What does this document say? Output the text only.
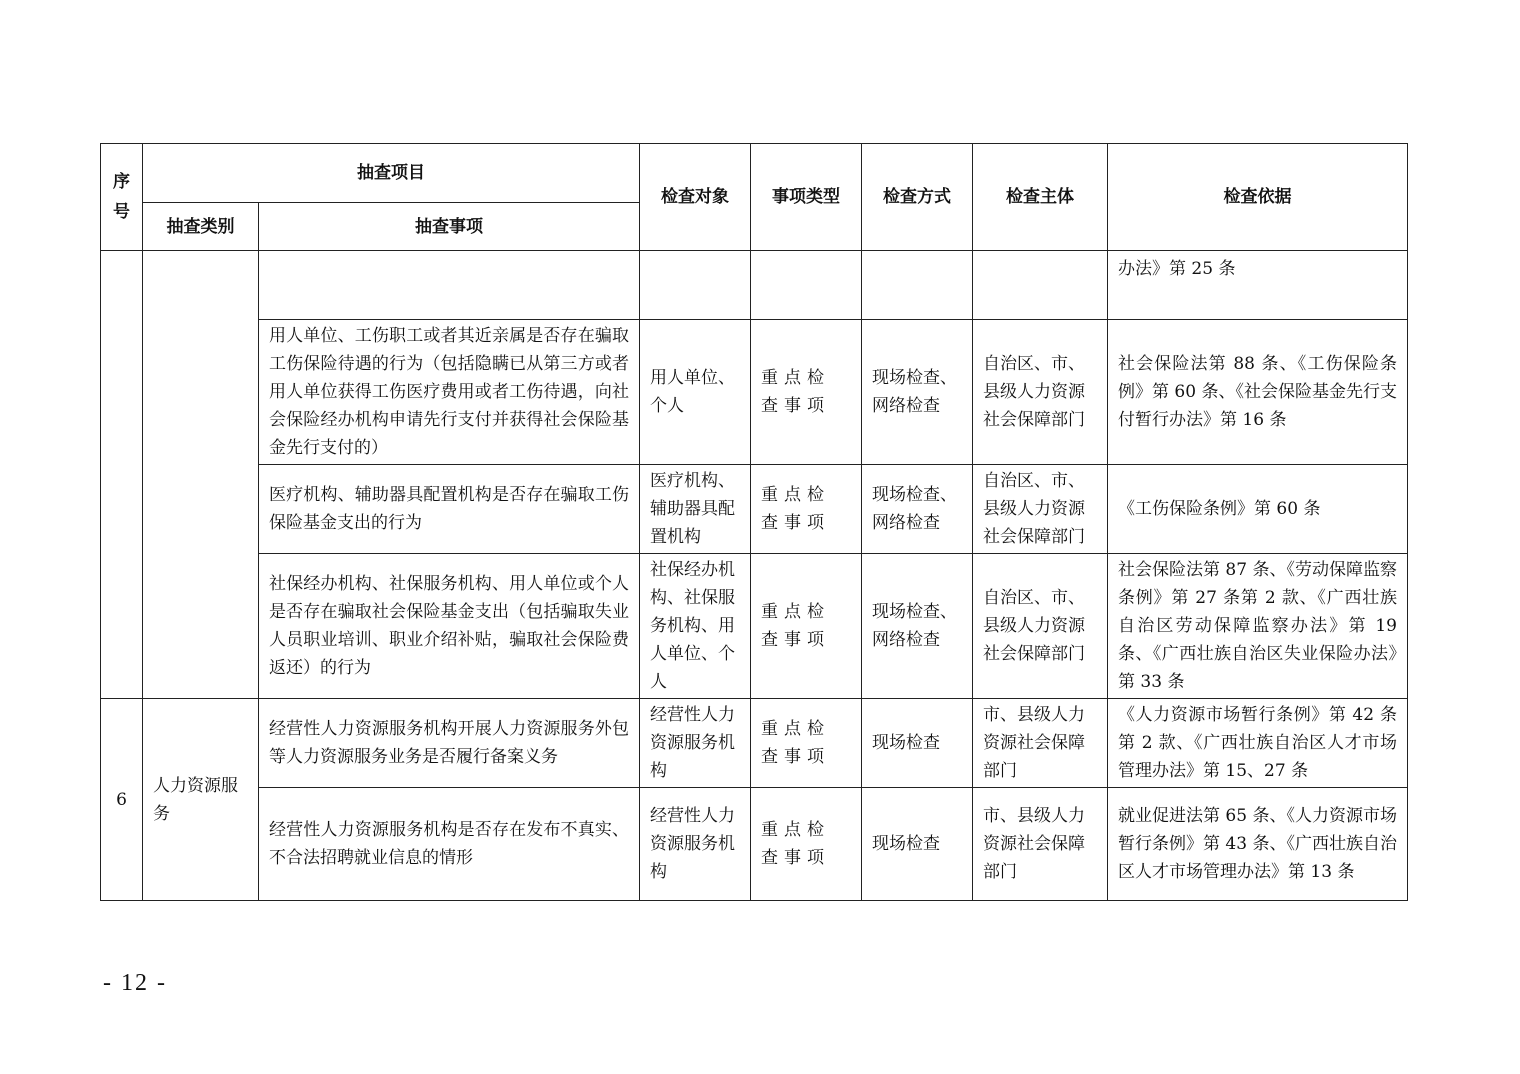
序号	抽查项目		检查对象	事项类型	检查方式	检查主体	检查依据
	抽查类别	抽查事项					
							办法》第 25 条
		用人单位、工伤职工或者其近亲属是否存在骗取工伤保险待遇的行为（包括隐瞒已从第三方或者用人单位获得工伤医疗费用或者工伤待遇，向社会保险经办机构申请先行支付并获得社会保险基金先行支付的）	用人单位、个人	重点检查事项	现场检查、网络检查	自治区、市、县级人力资源社会保障部门	社会保险法第 88 条、《工伤保险条例》第 60 条、《社会保险基金先行支付暂行办法》第 16 条
		医疗机构、辅助器具配置机构是否存在骗取工伤保险基金支出的行为	医疗机构、辅助器具配置机构	重点检查事项	现场检查、网络检查	自治区、市、县级人力资源社会保障部门	《工伤保险条例》第 60 条
		社保经办机构、社保服务机构、用人单位或个人是否存在骗取社会保险基金支出（包括骗取失业人员职业培训、职业介绍补贴，骗取社会保险费返还）的行为	社保经办机构、社保服务机构、用人单位、个人	重点检查事项	现场检查、网络检查	自治区、市、县级人力资源社会保障部门	社会保险法第 87 条、《劳动保障监察条例》第 27 条第 2 款、《广西壮族自治区劳动保障监察办法》第 19 条、《广西壮族自治区失业保险办法》第 33 条
6	人力资源服务	经营性人力资源服务机构开展人力资源服务外包等人力资源服务业务是否履行备案义务	经营性人力资源服务机构	重点检查事项	现场检查	市、县级人力资源社会保障部门	《人力资源市场暂行条例》第 42 条第 2 款、《广西壮族自治区人才市场管理办法》第 15、27 条
		经营性人力资源服务机构是否存在发布不真实、不合法招聘就业信息的情形	经营性人力资源服务机构	重点检查事项	现场检查	市、县级人力资源社会保障部门	就业促进法第 65 条、《人力资源市场暂行条例》第 43 条、《广西壮族自治区人才市场管理办法》第 13 条
- 12 -
